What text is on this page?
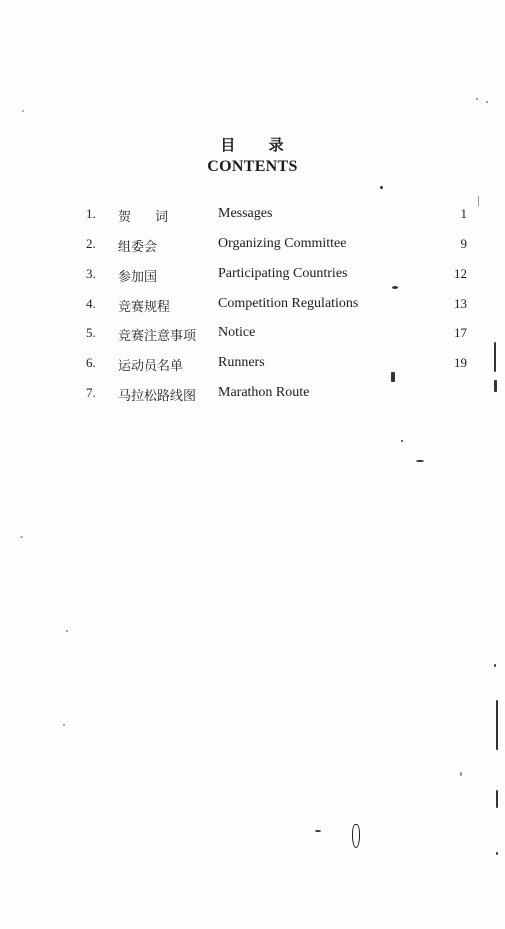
目 录
CONTENTS
1. 贺 词	Messages	1
2. 组委会	Organizing Committee	9
3. 参加国	Participating Countries	12
4. 竞赛规程	Competition Regulations	13
5. 竞赛注意事项 Notice	17
6. 运动员名单 Runners	19
7. 马拉松路线图 Marathon Route
